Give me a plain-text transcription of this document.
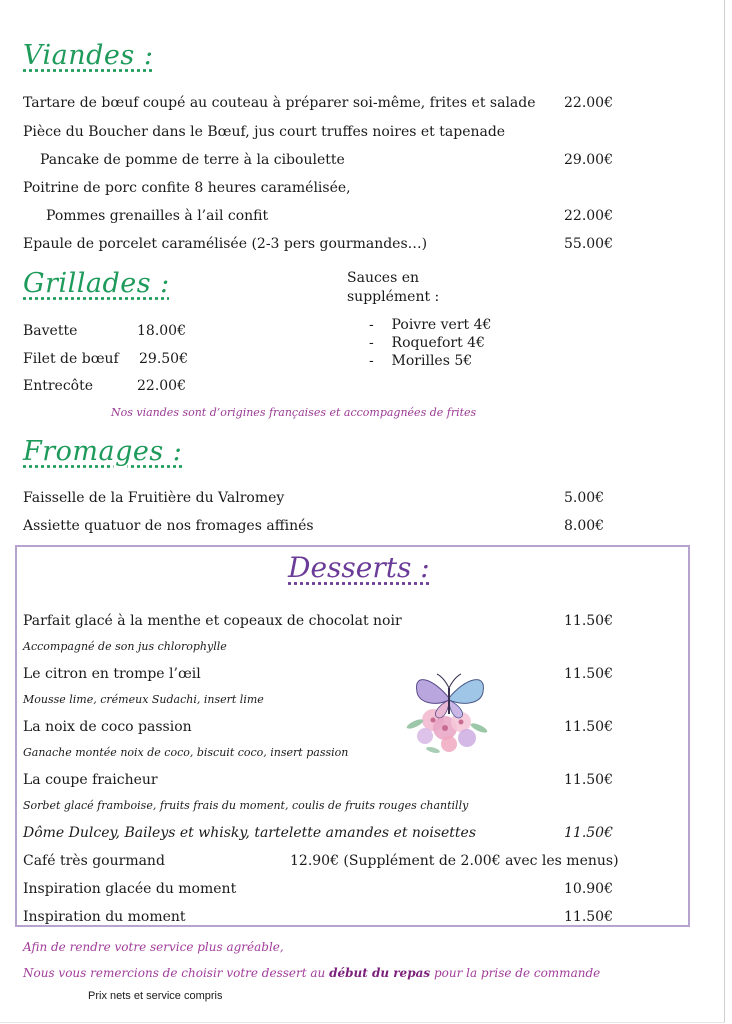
Viandes :
Tartare de bœuf coupé au couteau à préparer soi-même, frites et salade 22.00€
Pièce du Boucher dans le Bœuf, jus court truffes noires et tapenade
Pancake de pomme de terre à la ciboulette	29.00€
Poitrine de porc confite 8 heures caramélisée,
Pommes grenailles à l’ail confit	22.00€
Epaule de porcelet caramélisée (2-3 pers gourmandes…)	55.00€
Grillades :	Sauces en
supplément :
Bavette	18.00€
Filet de bœuf 29.50€
Entrecôte	22.00€
-    Poivre vert 4€
-    Roquefort 4€
-    Morilles 5€
Nos viandes sont d’origines françaises et accompagnées de frites
Fromages :
Faisselle de la Fruitière du Valromey	5.00€
Assiette quatuor de nos fromages affinés	8.00€
Desserts :
Parfait glacé à la menthe et copeaux de chocolat noir	11.50€
Accompagné de son jus chlorophylle
Le citron en trompe l’œil	11.50€
Mousse lime, crémeux Sudachi, insert lime
La noix de coco passion	11.50€
Ganache montée noix de coco, biscuit coco, insert passion
La coupe fraicheur	11.50€
Sorbet glacé framboise, fruits frais du moment, coulis de fruits rouges chantilly
Dôme Dulcey, Baileys et whisky, tartelette amandes et noisettes	11.50€
Café très gourmand	12.90€ (Supplément de 2.00€ avec les menus)
Inspiration glacée du moment	10.90€
Inspiration du moment	11.50€
Afin de rendre votre service plus agréable,
Nous vous remercions de choisir votre dessert au début du repas pour la prise de commande
Prix nets et service compris
